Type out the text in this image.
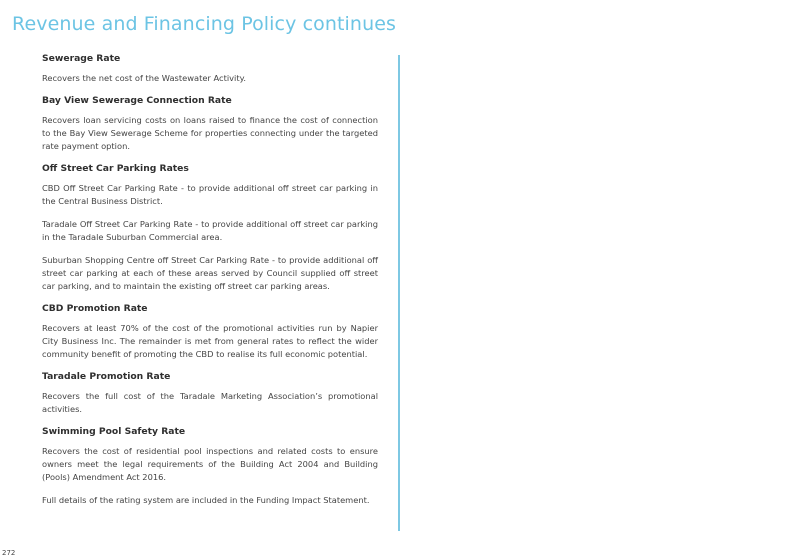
Revenue and Financing Policy continues
Sewerage Rate

Recovers the net cost of the Wastewater Activity.

Bay View Sewerage Connection Rate

Recovers loan servicing costs on loans raised to finance the cost of connection to the Bay View Sewerage Scheme for properties connecting under the targeted rate payment option.

Off Street Car Parking Rates

CBD Off Street Car Parking Rate - to provide additional off street car parking in the Central Business District.

Taradale Off Street Car Parking Rate - to provide additional off street car parking in the Taradale Suburban Commercial area.

Suburban Shopping Centre off Street Car Parking Rate - to provide additional off street car parking at each of these areas served by Council supplied off street car parking, and to maintain the existing off street car parking areas.

CBD Promotion Rate

Recovers at least 70% of the cost of the promotional activities run by Napier City Business Inc. The remainder is met from general rates to reflect the wider community benefit of promoting the CBD to realise its full economic potential.

Taradale Promotion Rate

Recovers the full cost of the Taradale Marketing Association’s promotional activities.

Swimming Pool Safety Rate

Recovers the cost of residential pool inspections and related costs to ensure owners meet the legal requirements of the Building Act 2004 and Building (Pools) Amendment Act 2016.

Full details of the rating system are included in the Funding Impact Statement.

272
